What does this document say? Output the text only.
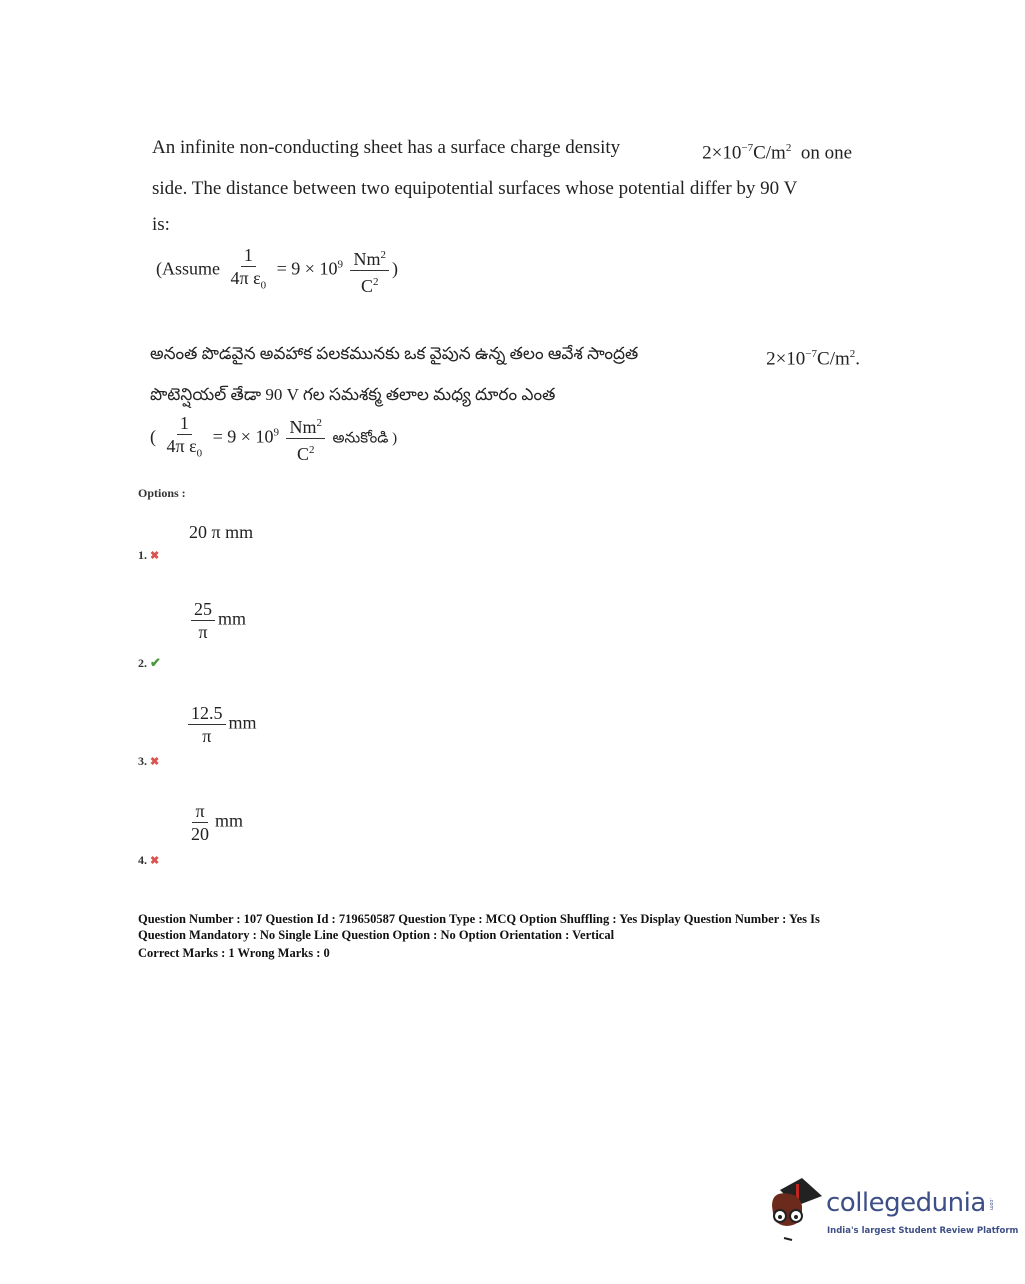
An infinite non-conducting sheet has a surface charge density	$2\times 10^{-7}C/m^2$ on one
side. The distance between two equipotential surfaces whose potential differ by 90 V
is:
(Assume $\frac{1}{4\pi \varepsilon_0} = 9 \times 10^9 \frac{Nm^2}{C^2}$ )
అనంత పొడవైన అవహాక పలకమునకు ఒక వైపున ఉన్న తలం ఆవేశ సాంద్రత	$2\times 10^{-7}C/m^2$.
పొటెన్షియల్ తేడా 90 V గల సమశక్మ తలాల మధ్య దూరం ఎంత
( $\frac{1}{4\pi \varepsilon_0} = 9 \times 10^9 \frac{Nm^2}{C^2}$ అనుకోండి )
Options :
20 π mm
1. ✖
$\frac{25}{\pi}$ mm
2. ✔
$\frac{12.5}{\pi}$ mm
3. ✖
$\frac{\pi}{20}$ mm
4. ✖
Question Number : 107 Question Id : 719650587 Question Type : MCQ Option Shuffling : Yes Display Question Number : Yes Is
Question Mandatory : No Single Line Question Option : No Option Orientation : Vertical
Correct Marks : 1 Wrong Marks : 0
collegedunia .com
India's largest Student Review Platform
